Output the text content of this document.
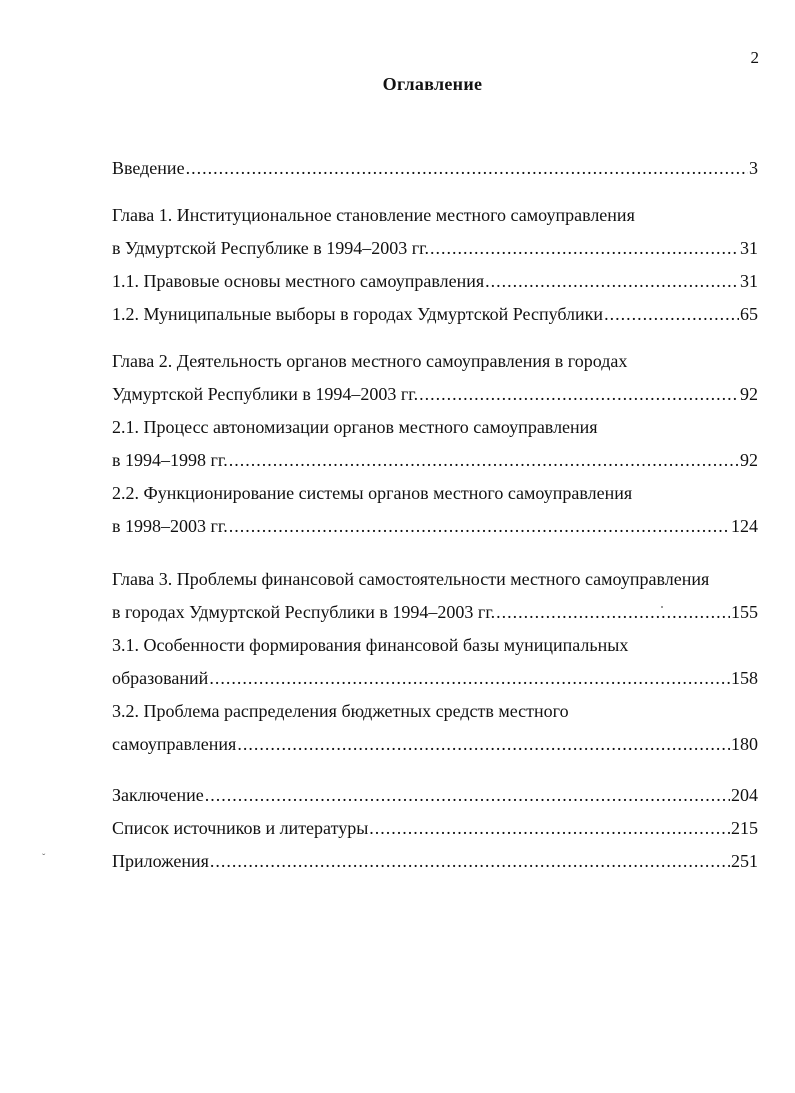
2
Оглавление
Введение .....	3
Глава 1. Институциональное становление местного самоуправления
в Удмуртской Республике в 1994–2003 гг. .....	31
1.1. Правовые основы местного самоуправления .....	31
1.2. Муниципальные выборы в городах Удмуртской Республики .....	65
Глава 2. Деятельность органов местного самоуправления в городах
Удмуртской Республики в 1994–2003 гг. .....	92
2.1. Процесс автономизации органов местного самоуправления
в 1994–1998 гг. .....	92
2.2. Функционирование системы органов местного самоуправления
в 1998–2003 гг. .....	124
Глава 3. Проблемы финансовой самостоятельности местного самоуправления
в городах Удмуртской Республики в 1994–2003 гг. .....	155
3.1. Особенности формирования финансовой базы муниципальных
образований .....	158
3.2. Проблема распределения бюджетных средств местного
самоуправления .....	180
Заключение .....	204
Список источников и литературы .....	215
Приложения .....	251
ˇ
